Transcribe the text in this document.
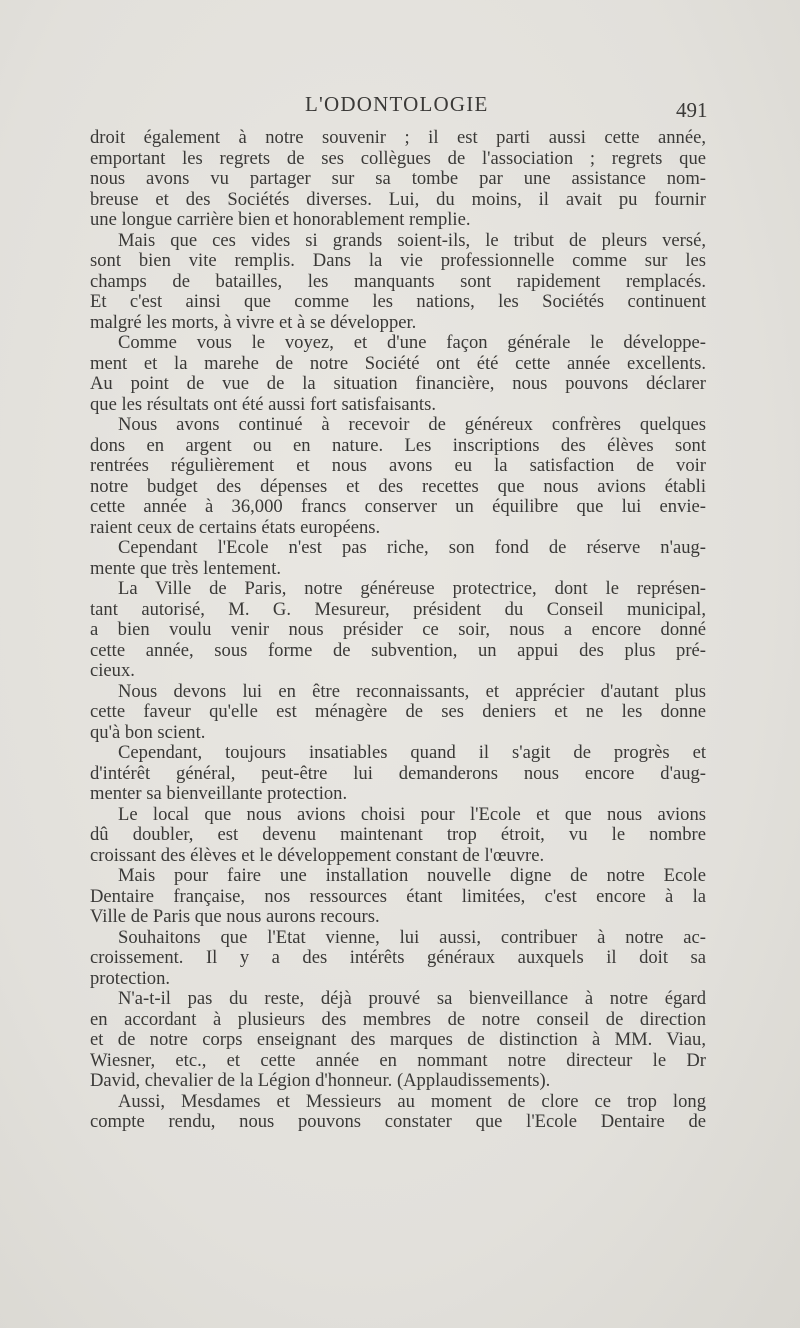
L'ODONTOLOGIE	491
droit également à notre souvenir ; il est parti aussi cette année,
emportant les regrets de ses collègues de l'association ; regrets que
nous avons vu partager sur sa tombe par une assistance nom-
breuse et des Sociétés diverses. Lui, du moins, il avait pu fournir
une longue carrière bien et honorablement remplie.
Mais que ces vides si grands soient-ils, le tribut de pleurs versé,
sont bien vite remplis. Dans la vie professionnelle comme sur les
champs de batailles, les manquants sont rapidement remplacés.
Et c'est ainsi que comme les nations, les Sociétés continuent
malgré les morts, à vivre et à se développer.
Comme vous le voyez, et d'une façon générale le développe-
ment et la marehe de notre Société ont été cette année excellents.
Au point de vue de la situation financière, nous pouvons déclarer
que les résultats ont été aussi fort satisfaisants.
Nous avons continué à recevoir de généreux confrères quelques
dons en argent ou en nature. Les inscriptions des élèves sont
rentrées régulièrement et nous avons eu la satisfaction de voir
notre budget des dépenses et des recettes que nous avions établi
cette année à 36,000 francs conserver un équilibre que lui envie-
raient ceux de certains états européens.
Cependant l'Ecole n'est pas riche, son fond de réserve n'aug-
mente que très lentement.
La Ville de Paris, notre généreuse protectrice, dont le représen-
tant autorisé, M. G. Mesureur, président du Conseil municipal,
a bien voulu venir nous présider ce soir, nous a encore donné
cette année, sous forme de subvention, un appui des plus pré-
cieux.
Nous devons lui en être reconnaissants, et apprécier d'autant plus
cette faveur qu'elle est ménagère de ses deniers et ne les donne
qu'à bon scient.
Cependant, toujours insatiables quand il s'agit de progrès et
d'intérêt général, peut-être lui demanderons nous encore d'aug-
menter sa bienveillante protection.
Le local que nous avions choisi pour l'Ecole et que nous avions
dû doubler, est devenu maintenant trop étroit, vu le nombre
croissant des élèves et le développement constant de l'œuvre.
Mais pour faire une installation nouvelle digne de notre Ecole
Dentaire française, nos ressources étant limitées, c'est encore à la
Ville de Paris que nous aurons recours.
Souhaitons que l'Etat vienne, lui aussi, contribuer à notre ac-
croissement. Il y a des intérêts généraux auxquels il doit sa
protection.
N'a-t-il pas du reste, déjà prouvé sa bienveillance à notre égard
en accordant à plusieurs des membres de notre conseil de direction
et de notre corps enseignant des marques de distinction à MM. Viau,
Wiesner, etc., et cette année en nommant notre directeur le Dr
David, chevalier de la Légion d'honneur. (Applaudissements).
Aussi, Mesdames et Messieurs au moment de clore ce trop long
compte rendu, nous pouvons constater que l'Ecole Dentaire de
